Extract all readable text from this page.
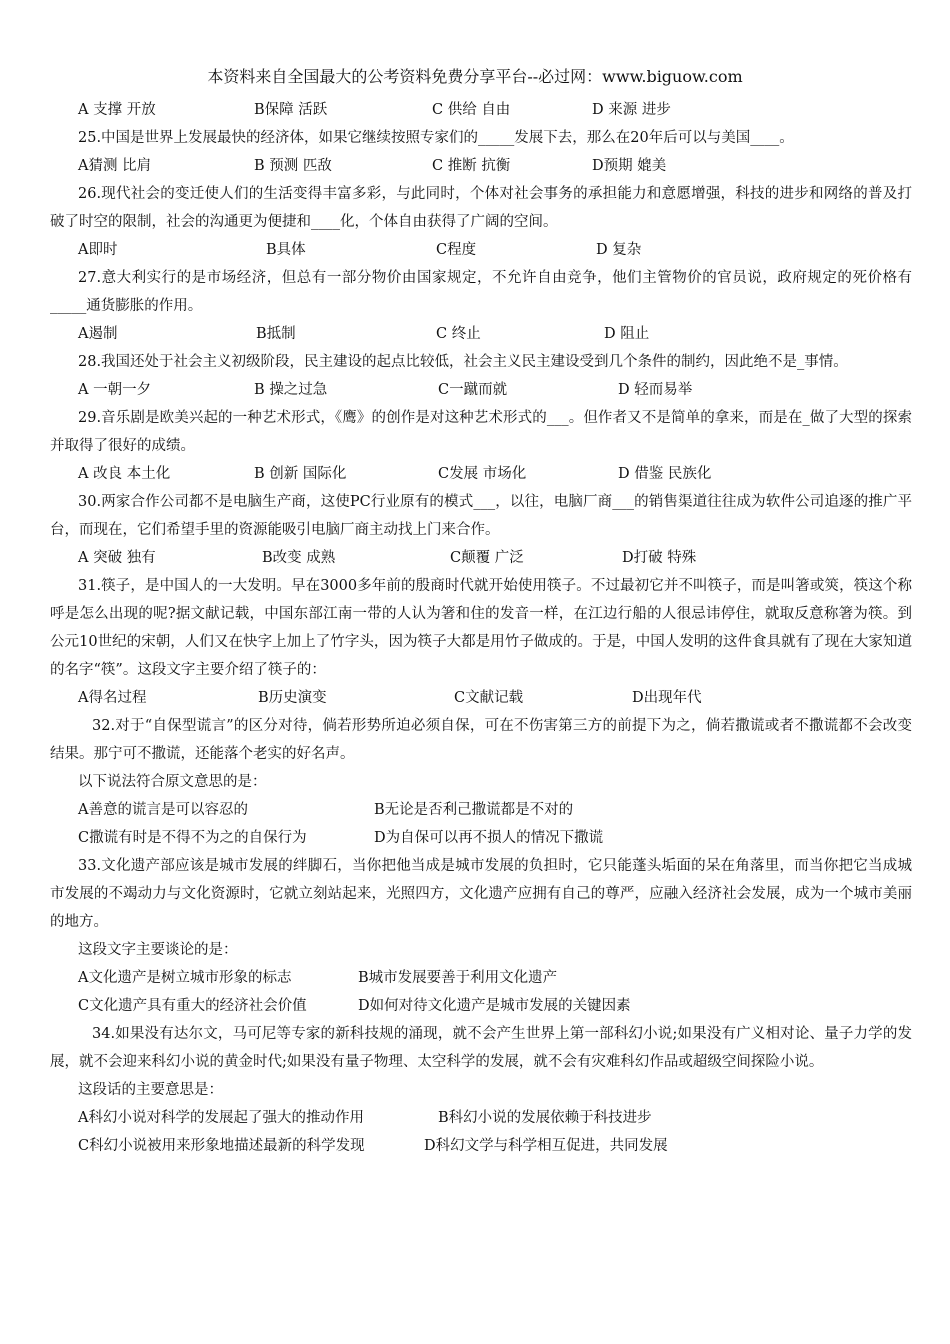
本资料来自全国最大的公考资料免费分享平台--必过网：www.biguow.com
A 支撑 开放	B保障 活跃	C 供给 自由	D 来源 进步

25.中国是世界上发展最快的经济体，如果它继续按照专家们的_____发展下去，那么在20年后可以与美国____。

A猜测 比肩	B 预测 匹敌	C 推断 抗衡	D预期 媲美

26.现代社会的变迁使人们的生活变得丰富多彩，与此同时，个体对社会事务的承担能力和意愿增强，科技的进步和网络的普及打破了时空的限制，社会的沟通更为便捷和____化，个体自由获得了广阔的空间。

A即时	B具体	C程度	D 复杂

27.意大利实行的是市场经济，但总有一部分物价由国家规定，不允许自由竞争，他们主管物价的官员说，政府规定的死价格有_____通货膨胀的作用。

A遏制	B抵制	C 终止	D 阻止

28.我国还处于社会主义初级阶段，民主建设的起点比较低，社会主义民主建设受到几个条件的制约，因此绝不是_事情。

A 一朝一夕	B 操之过急	C一蹴而就	D 轻而易举

29.音乐剧是欧美兴起的一种艺术形式，《鹰》的创作是对这种艺术形式的___。但作者又不是简单的拿来，而是在_做了大型的探索并取得了很好的成绩。

A 改良 本土化	B 创新 国际化	C发展 市场化	D 借鉴 民族化

30.两家合作公司都不是电脑生产商，这使PC行业原有的模式___，以往，电脑厂商___的销售渠道往往成为软件公司追逐的推广平台，而现在，它们希望手里的资源能吸引电脑厂商主动找上门来合作。

A 突破 独有	B改变 成熟	C颠覆 广泛	D打破 特殊

31.筷子，是中国人的一大发明。早在3000多年前的殷商时代就开始使用筷子。不过最初它并不叫筷子，而是叫箸或筴，筷这个称呼是怎么出现的呢?据文献记载，中国东部江南一带的人认为箸和住的发音一样，在江边行船的人很忌讳停住，就取反意称箸为筷。到公元10世纪的宋朝，人们又在快字上加上了竹字头，因为筷子大都是用竹子做成的。于是，中国人发明的这件食具就有了现在大家知道的名字“筷”。这段文字主要介绍了筷子的：

A得名过程	B历史演变	C文献记载	D出现年代

32.对于“自保型谎言”的区分对待，倘若形势所迫必须自保，可在不伤害第三方的前提下为之，倘若撒谎或者不撒谎都不会改变结果。那宁可不撒谎，还能落个老实的好名声。

以下说法符合原文意思的是：

A善意的谎言是可以容忍的	B无论是否利己撒谎都是不对的
C撒谎有时是不得不为之的自保行为	D为自保可以再不损人的情况下撒谎

33.文化遗产部应该是城市发展的绊脚石，当你把他当成是城市发展的负担时，它只能蓬头垢面的呆在角落里，而当你把它当成城市发展的不竭动力与文化资源时，它就立刻站起来，光照四方，文化遗产应拥有自己的尊严，应融入经济社会发展，成为一个城市美丽的地方。

这段文字主要谈论的是：

A文化遗产是树立城市形象的标志	B城市发展要善于利用文化遗产
C文化遗产具有重大的经济社会价值	D如何对待文化遗产是城市发展的关键因素

34.如果没有达尔文，马可尼等专家的新科技规的涌现，就不会产生世界上第一部科幻小说;如果没有广义相对论、量子力学的发展，就不会迎来科幻小说的黄金时代;如果没有量子物理、太空科学的发展，就不会有灾难科幻作品或超级空间探险小说。

这段话的主要意思是：

A科幻小说对科学的发展起了强大的推动作用	B科幻小说的发展依赖于科技进步
C科幻小说被用来形象地描述最新的科学发现	D科幻文学与科学相互促进，共同发展
